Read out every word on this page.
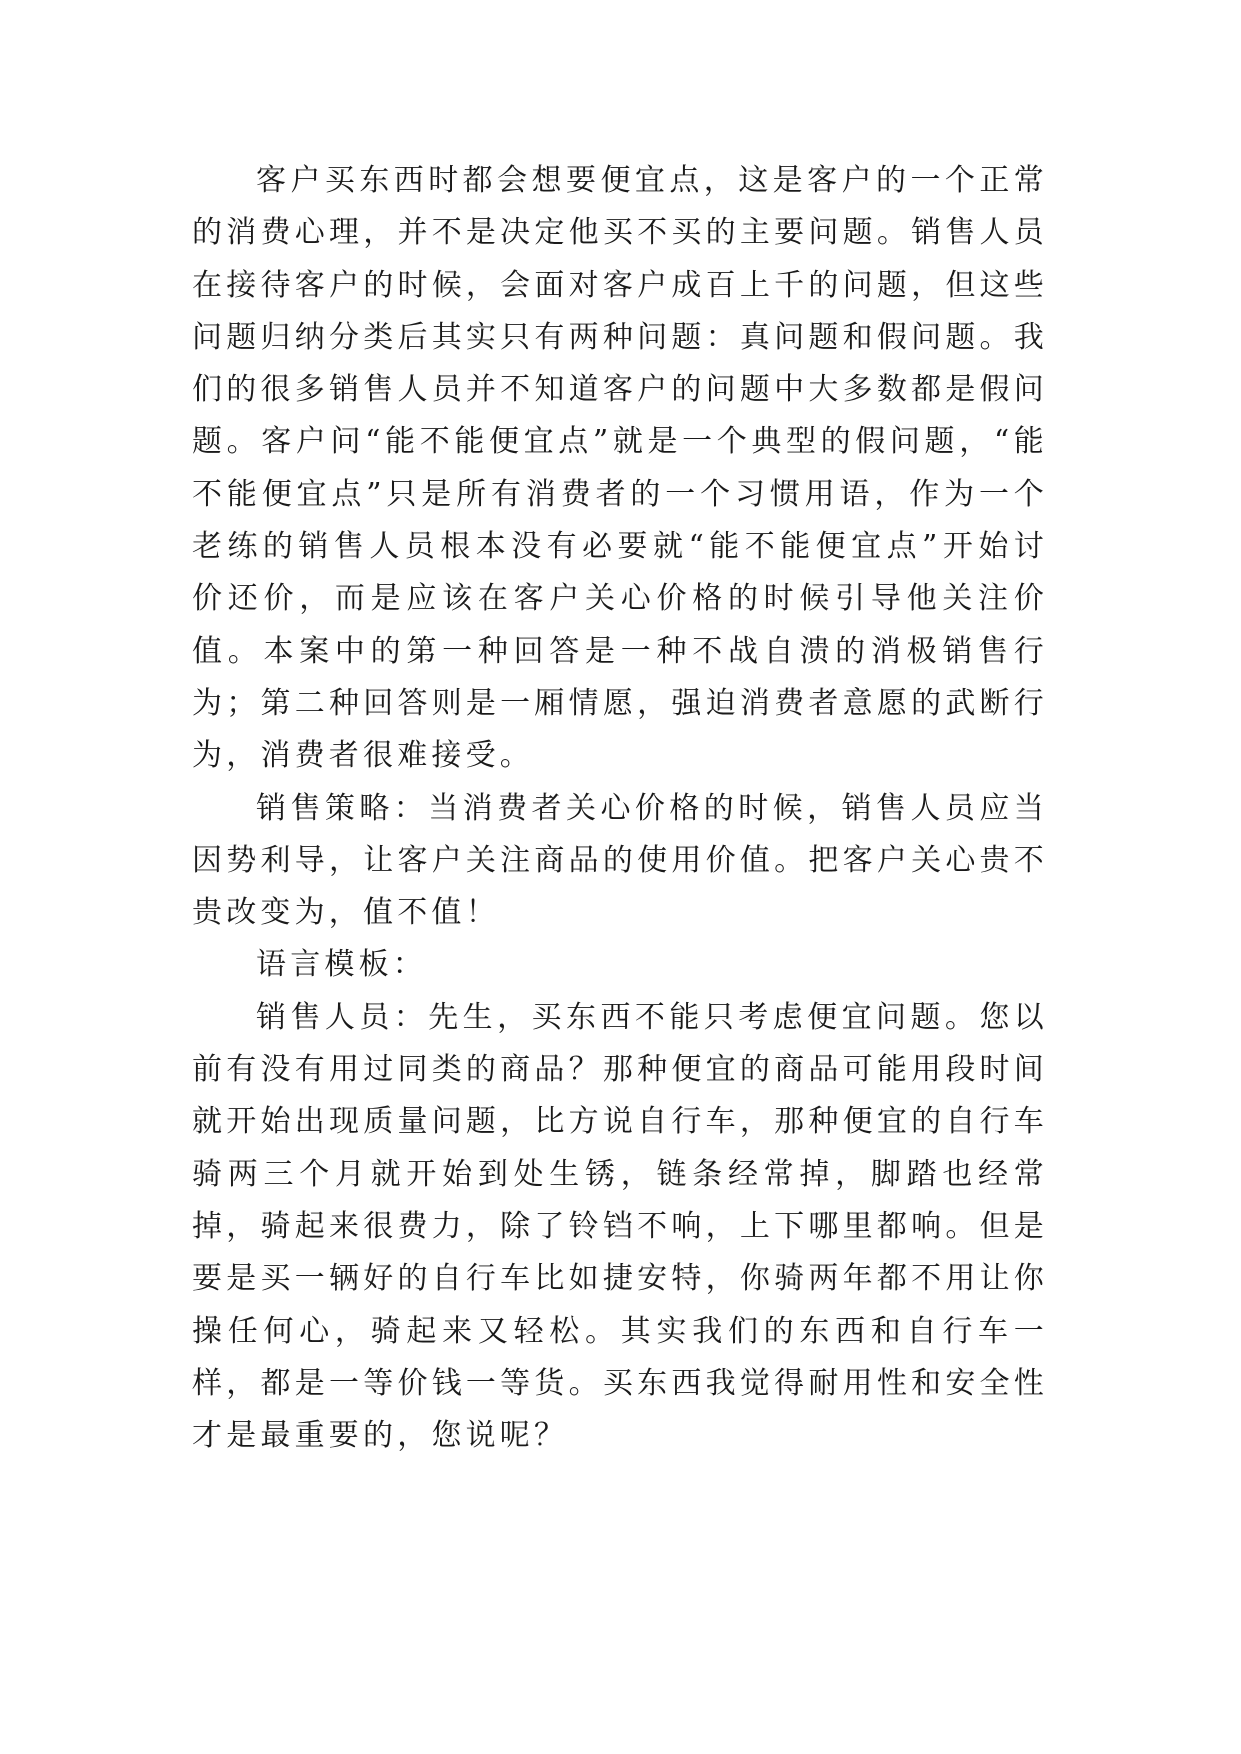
客户买东西时都会想要便宜点，这是客户的一个正常的消费心理，并不是决定他买不买的主要问题。销售人员在接待客户的时候，会面对客户成百上千的问题，但这些问题归纳分类后其实只有两种问题：真问题和假问题。我们的很多销售人员并不知道客户的问题中大多数都是假问题。客户问“能不能便宜点”就是一个典型的假问题，“能不能便宜点”只是所有消费者的一个习惯用语，作为一个老练的销售人员根本没有必要就“能不能便宜点”开始讨价还价，而是应该在客户关心价格的时候引导他关注价值。本案中的第一种回答是一种不战自溃的消极销售行为；第二种回答则是一厢情愿，强迫消费者意愿的武断行为，消费者很难接受。

销售策略：当消费者关心价格的时候，销售人员应当因势利导，让客户关注商品的使用价值。把客户关心贵不贵改变为，值不值！

语言模板：

销售人员：先生，买东西不能只考虑便宜问题。您以前有没有用过同类的商品？那种便宜的商品可能用段时间就开始出现质量问题，比方说自行车，那种便宜的自行车骑两三个月就开始到处生锈，链条经常掉，脚踏也经常掉，骑起来很费力，除了铃铛不响，上下哪里都响。但是要是买一辆好的自行车比如捷安特，你骑两年都不用让你操任何心，骑起来又轻松。其实我们的东西和自行车一样，都是一等价钱一等货。买东西我觉得耐用性和安全性才是最重要的，您说呢？
